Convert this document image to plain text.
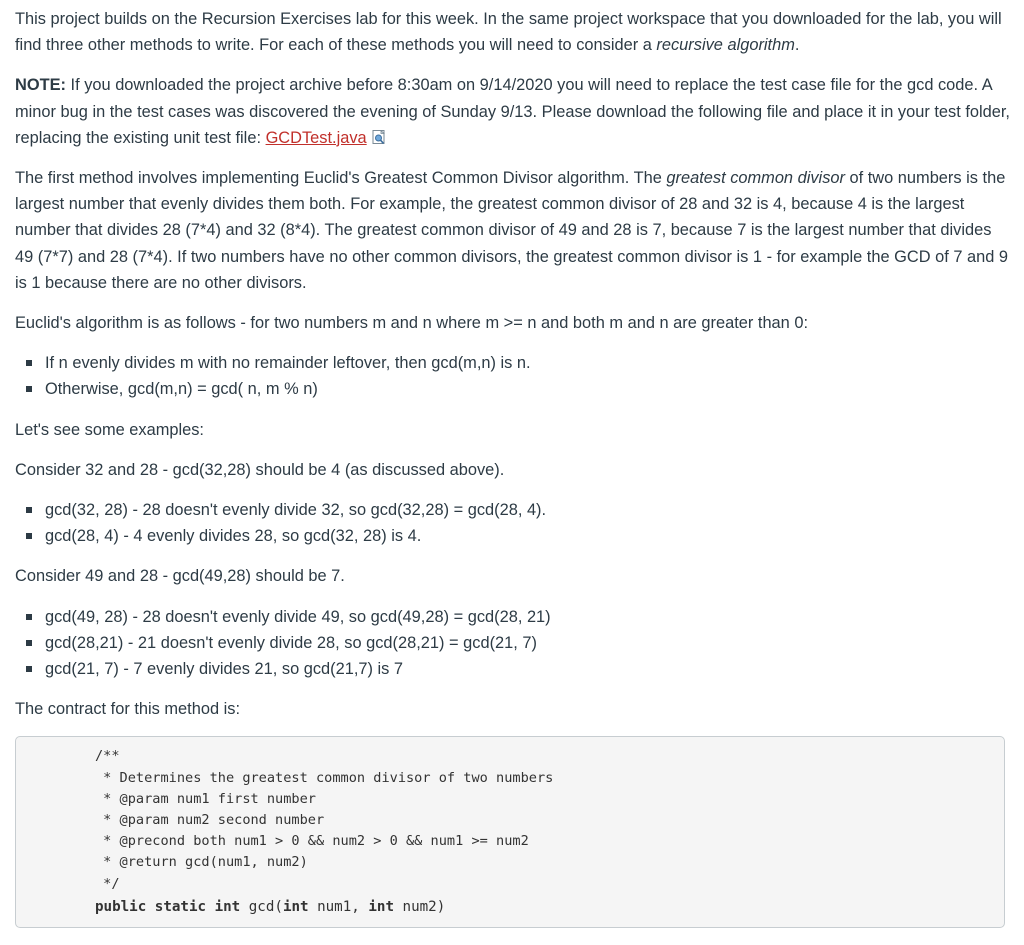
This project builds on the Recursion Exercises lab for this week. In the same project workspace that you downloaded for the lab, you will find three other methods to write. For each of these methods you will need to consider a recursive algorithm.

NOTE: If you downloaded the project archive before 8:30am on 9/14/2020 you will need to replace the test case file for the gcd code. A minor bug in the test cases was discovered the evening of Sunday 9/13. Please download the following file and place it in your test folder, replacing the existing unit test file: GCDTest.java

The first method involves implementing Euclid's Greatest Common Divisor algorithm. The greatest common divisor of two numbers is the largest number that evenly divides them both. For example, the greatest common divisor of 28 and 32 is 4, because 4 is the largest number that divides 28 (7*4) and 32 (8*4). The greatest common divisor of 49 and 28 is 7, because 7 is the largest number that divides 49 (7*7) and 28 (7*4). If two numbers have no other common divisors, the greatest common divisor is 1 - for example the GCD of 7 and 9 is 1 because there are no other divisors.

Euclid's algorithm is as follows - for two numbers m and n where m >= n and both m and n are greater than 0:

If n evenly divides m with no remainder leftover, then gcd(m,n) is n.
Otherwise, gcd(m,n) = gcd( n, m % n)

Let's see some examples:

Consider 32 and 28 - gcd(32,28) should be 4 (as discussed above).

gcd(32, 28) - 28 doesn't evenly divide 32, so gcd(32,28) = gcd(28, 4).
gcd(28, 4) - 4 evenly divides 28, so gcd(32, 28) is 4.

Consider 49 and 28 - gcd(49,28) should be 7.

gcd(49, 28) - 28 doesn't evenly divide 49, so gcd(49,28) = gcd(28, 21)
gcd(28,21) - 21 doesn't evenly divide 28, so gcd(28,21) = gcd(21, 7)
gcd(21, 7) - 7 evenly divides 21, so gcd(21,7) is 7

The contract for this method is:

/**
* Determines the greatest common divisor of two numbers
* @param num1 first number
* @param num2 second number
* @precond both num1 > 0 && num2 > 0 && num1 >= num2
* @return gcd(num1, num2)
*/
public static int gcd(int num1, int num2)
